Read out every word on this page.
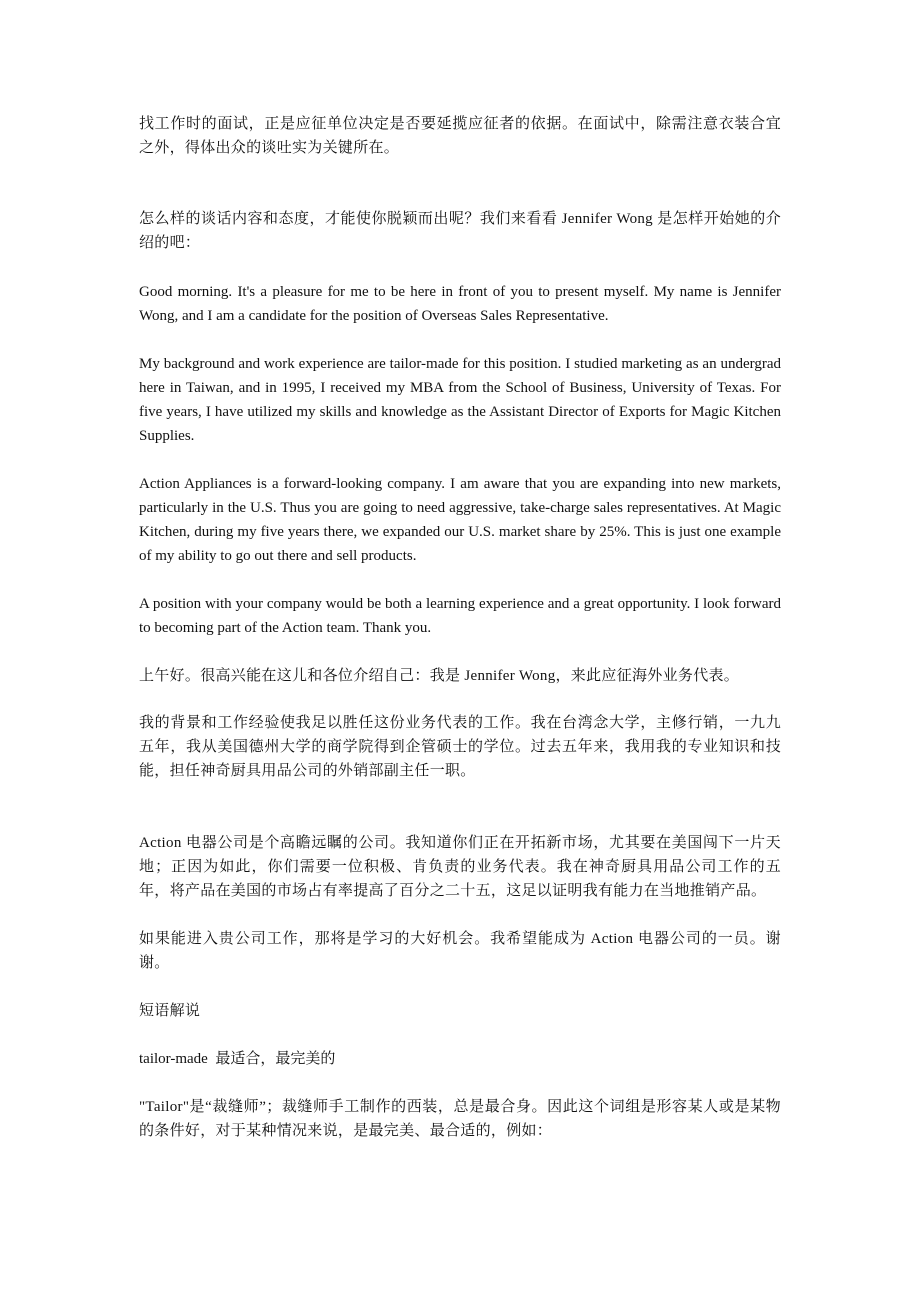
找工作时的面试，正是应征单位决定是否要延揽应征者的依据。在面试中，除需注意衣装合宜之外，得体出众的谈吐实为关键所在。

怎么样的谈话内容和态度，才能使你脱颖而出呢？我们来看看 Jennifer Wong 是怎样开始她的介绍的吧：

Good morning. It's a pleasure for me to be here in front of you to present myself. My name is Jennifer Wong, and I am a candidate for the position of Overseas Sales Representative.

My background and work experience are tailor-made for this position. I studied marketing as an undergrad here in Taiwan, and in 1995, I received my MBA from the School of Business, University of Texas. For five years, I have utilized my skills and knowledge as the Assistant Director of Exports for Magic Kitchen Supplies.

Action Appliances is a forward-looking company. I am aware that you are expanding into new markets, particularly in the U.S. Thus you are going to need aggressive, take-charge sales representatives. At Magic Kitchen, during my five years there, we expanded our U.S. market share by 25%. This is just one example of my ability to go out there and sell products.

A position with your company would be both a learning experience and a great opportunity. I look forward to becoming part of the Action team. Thank you.

上午好。很高兴能在这儿和各位介绍自己：我是 Jennifer Wong，来此应征海外业务代表。

我的背景和工作经验使我足以胜任这份业务代表的工作。我在台湾念大学，主修行销，一九九五年，我从美国德州大学的商学院得到企管硕士的学位。过去五年来，我用我的专业知识和技能，担任神奇厨具用品公司的外销部副主任一职。

Action 电器公司是个高瞻远瞩的公司。我知道你们正在开拓新市场，尤其要在美国闯下一片天地；正因为如此，你们需要一位积极、肯负责的业务代表。我在神奇厨具用品公司工作的五年，将产品在美国的市场占有率提高了百分之二十五，这足以证明我有能力在当地推销产品。

如果能进入贵公司工作，那将是学习的大好机会。我希望能成为 Action 电器公司的一员。谢谢。

短语解说

tailor-made  最适合，最完美的

"Tailor"是“裁缝师”；裁缝师手工制作的西装，总是最合身。因此这个词组是形容某人或是某物的条件好，对于某种情况来说，是最完美、最合适的，例如：
